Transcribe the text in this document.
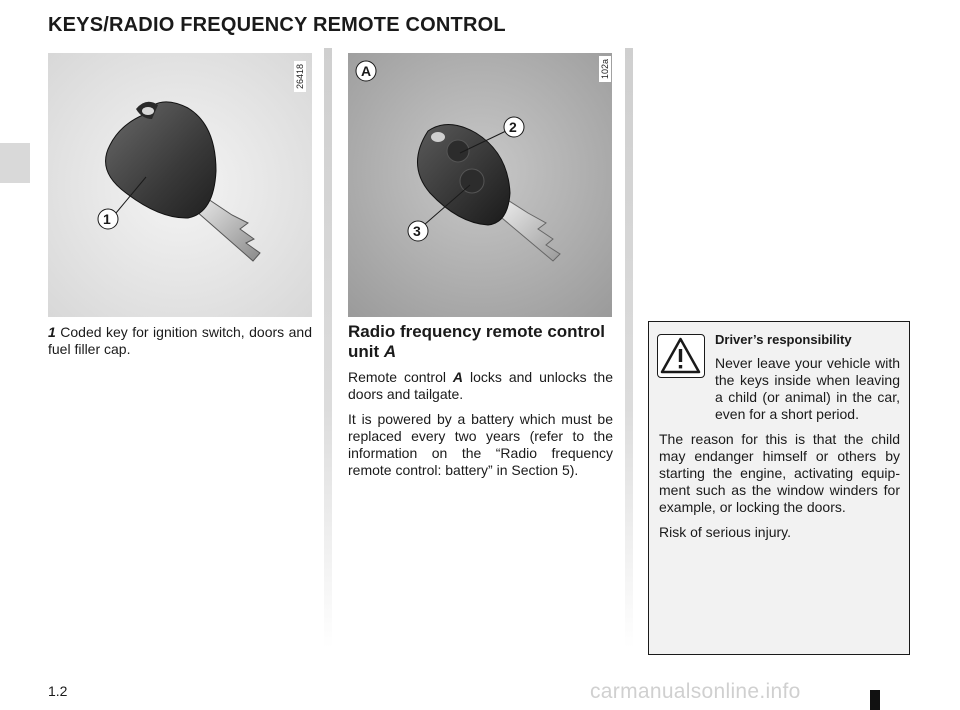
KEYS/RADIO FREQUENCY REMOTE CONTROL
26418
1
102a
A
2
3

1 Coded key for ignition switch, doors and fuel filler cap.

Radio frequency remote control unit A

Remote control A locks and unlocks the doors and tailgate.

It is powered by a battery which must be replaced every two years (refer to the information on the “Radio frequency remote control: battery” in Section 5).

Driver’s responsibility

Never leave your vehicle with the keys inside when leaving a child (or animal) in the car, even for a short period.

The reason for this is that the child may endanger himself or others by starting the engine, activating equip-ment such as the window winders for example, or locking the doors.

Risk of serious injury.

1.2	carmanualsonline.info
